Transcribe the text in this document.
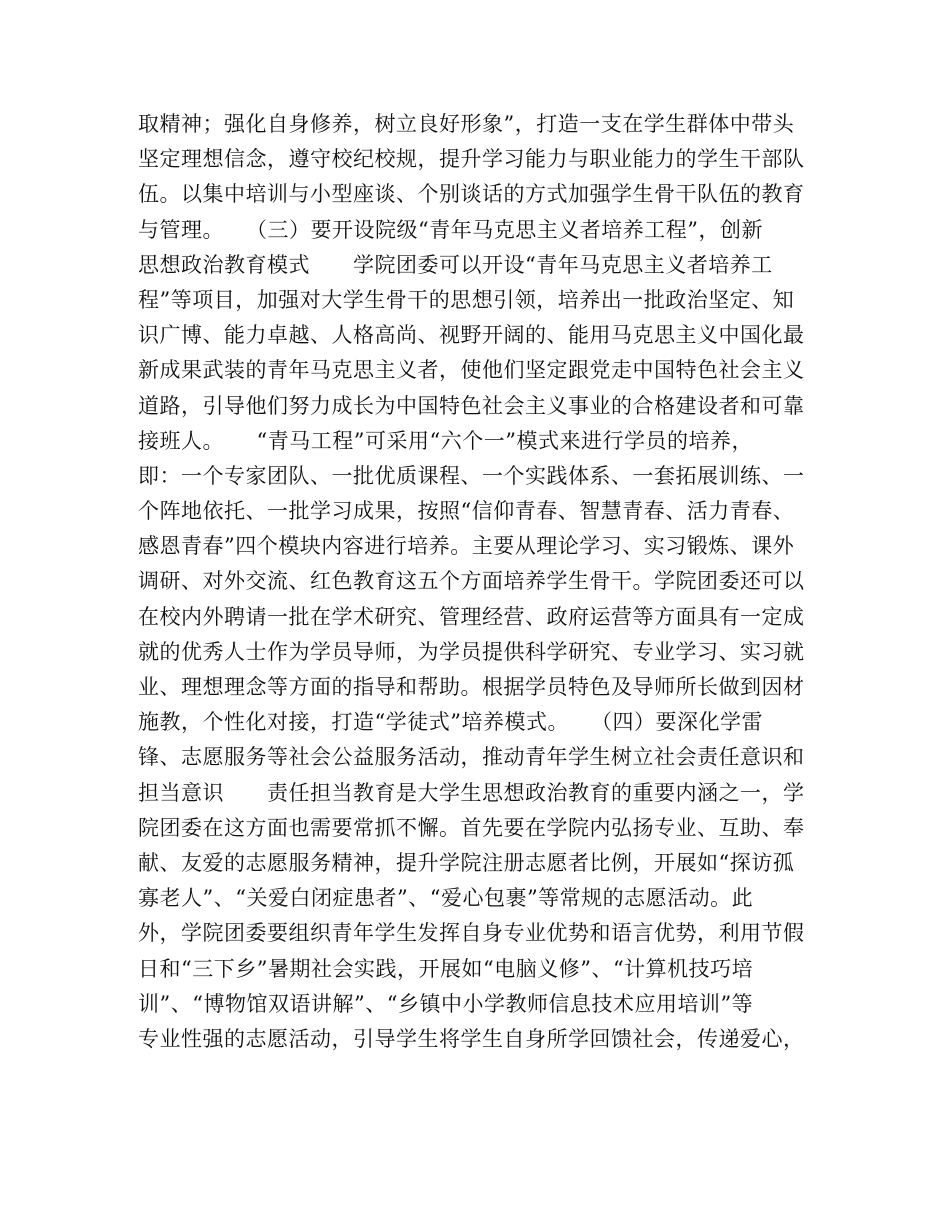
取精神；强化自身修养，树立良好形象”，打造一支在学生群体中带头
坚定理想信念，遵守校纪校规，提升学习能力与职业能力的学生干部队
伍。以集中培训与小型座谈、个别谈话的方式加强学生骨干队伍的教育
与管理。　　（三）要开设院级“青年马克思主义者培养工程”，创新
思想政治教育模式　　学院团委可以开设“青年马克思主义者培养工
程”等项目，加强对大学生骨干的思想引领，培养出一批政治坚定、知
识广博、能力卓越、人格高尚、视野开阔的、能用马克思主义中国化最
新成果武装的青年马克思主义者，使他们坚定跟党走中国特色社会主义
道路，引导他们努力成长为中国特色社会主义事业的合格建设者和可靠
接班人。　　“青马工程”可采用“六个一”模式来进行学员的培养，
即：一个专家团队、一批优质课程、一个实践体系、一套拓展训练、一
个阵地依托、一批学习成果，按照“信仰青春、智慧青春、活力青春、
感恩青春”四个模块内容进行培养。主要从理论学习、实习锻炼、课外
调研、对外交流、红色教育这五个方面培养学生骨干。学院团委还可以
在校内外聘请一批在学术研究、管理经营、政府运营等方面具有一定成
就的优秀人士作为学员导师，为学员提供科学研究、专业学习、实习就
业、理想理念等方面的指导和帮助。根据学员特色及导师所长做到因材
施教，个性化对接，打造“学徒式”培养模式。　　（四）要深化学雷
锋、志愿服务等社会公益服务活动，推动青年学生树立社会责任意识和
担当意识　　责任担当教育是大学生思想政治教育的重要内涵之一，学
院团委在这方面也需要常抓不懈。首先要在学院内弘扬专业、互助、奉
献、友爱的志愿服务精神，提升学院注册志愿者比例，开展如“探访孤
寡老人”、“关爱白闭症患者”、“爱心包裹”等常规的志愿活动。此
外，学院团委要组织青年学生发挥自身专业优势和语言优势，利用节假
日和“三下乡”暑期社会实践，开展如“电脑义修”、“计算机技巧培
训”、“博物馆双语讲解”、“乡镇中小学教师信息技术应用培训”等
专业性强的志愿活动，引导学生将学生自身所学回馈社会，传递爱心，
